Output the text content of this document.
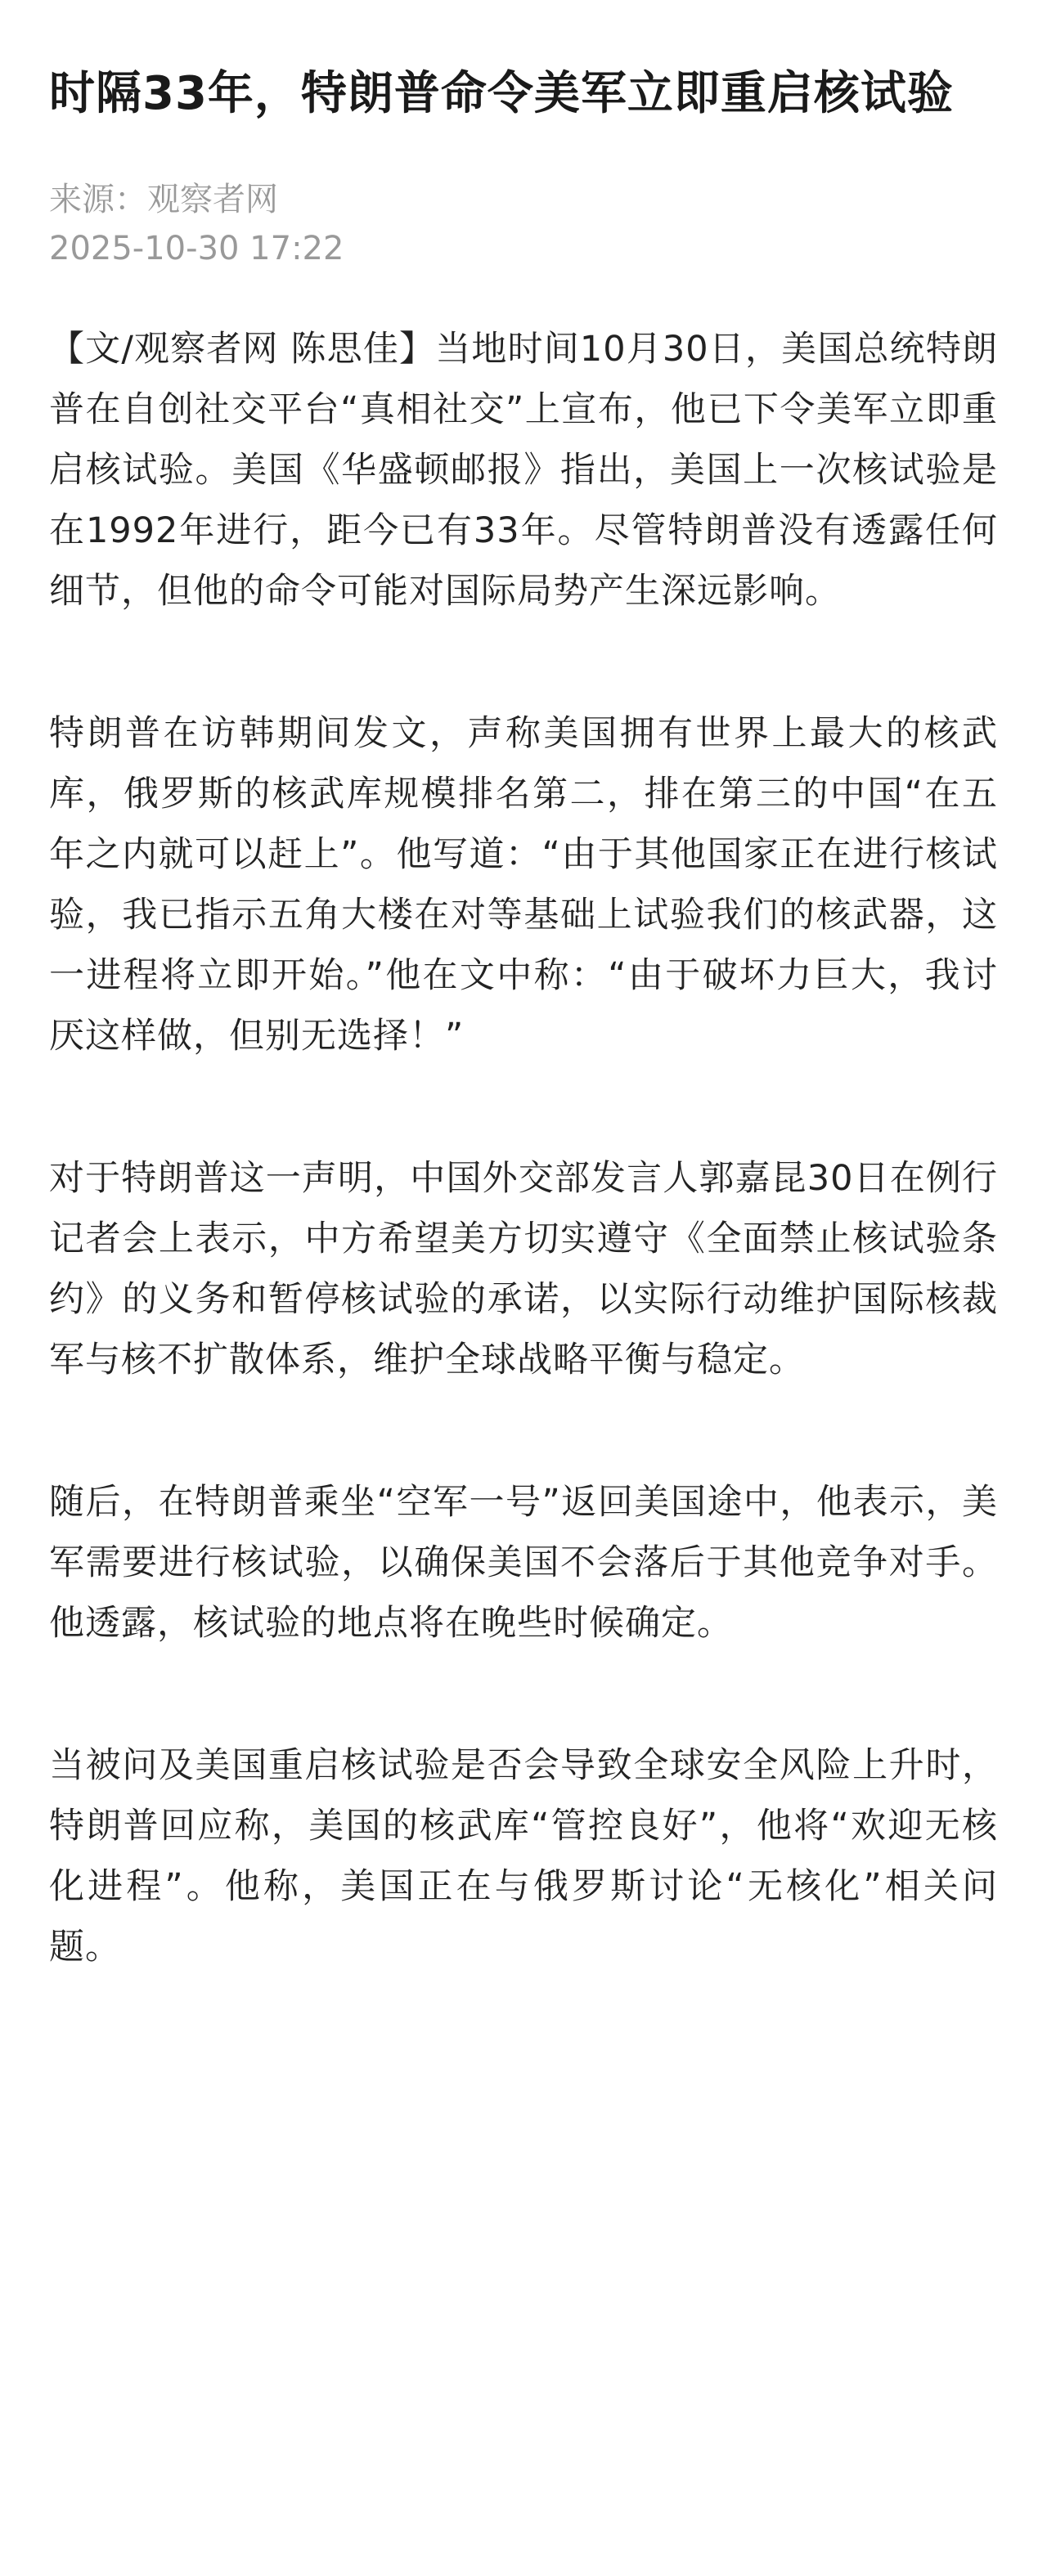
时隔33年，特朗普命令美军立即重启核试验
来源：观察者网
2025-10-30 17:22

【文/观察者网 陈思佳】当地时间10月30日，美国总统特朗普在自创社交平台“真相社交”上宣布，他已下令美军立即重启核试验。美国《华盛顿邮报》指出，美国上一次核试验是在1992年进行，距今已有33年。尽管特朗普没有透露任何细节，但他的命令可能对国际局势产生深远影响。

特朗普在访韩期间发文，声称美国拥有世界上最大的核武库，俄罗斯的核武库规模排名第二，排在第三的中国“在五年之内就可以赶上”。他写道：“由于其他国家正在进行核试验，我已指示五角大楼在对等基础上试验我们的核武器，这一进程将立即开始。”他在文中称：“由于破坏力巨大，我讨厌这样做，但别无选择！”

对于特朗普这一声明，中国外交部发言人郭嘉昆30日在例行记者会上表示，中方希望美方切实遵守《全面禁止核试验条约》的义务和暂停核试验的承诺，以实际行动维护国际核裁军与核不扩散体系，维护全球战略平衡与稳定。

随后，在特朗普乘坐“空军一号”返回美国途中，他表示，美军需要进行核试验，以确保美国不会落后于其他竞争对手。他透露，核试验的地点将在晚些时候确定。

当被问及美国重启核试验是否会导致全球安全风险上升时，特朗普回应称，美国的核武库“管控良好”，他将“欢迎无核化进程”。他称，美国正在与俄罗斯讨论“无核化”相关问题。
